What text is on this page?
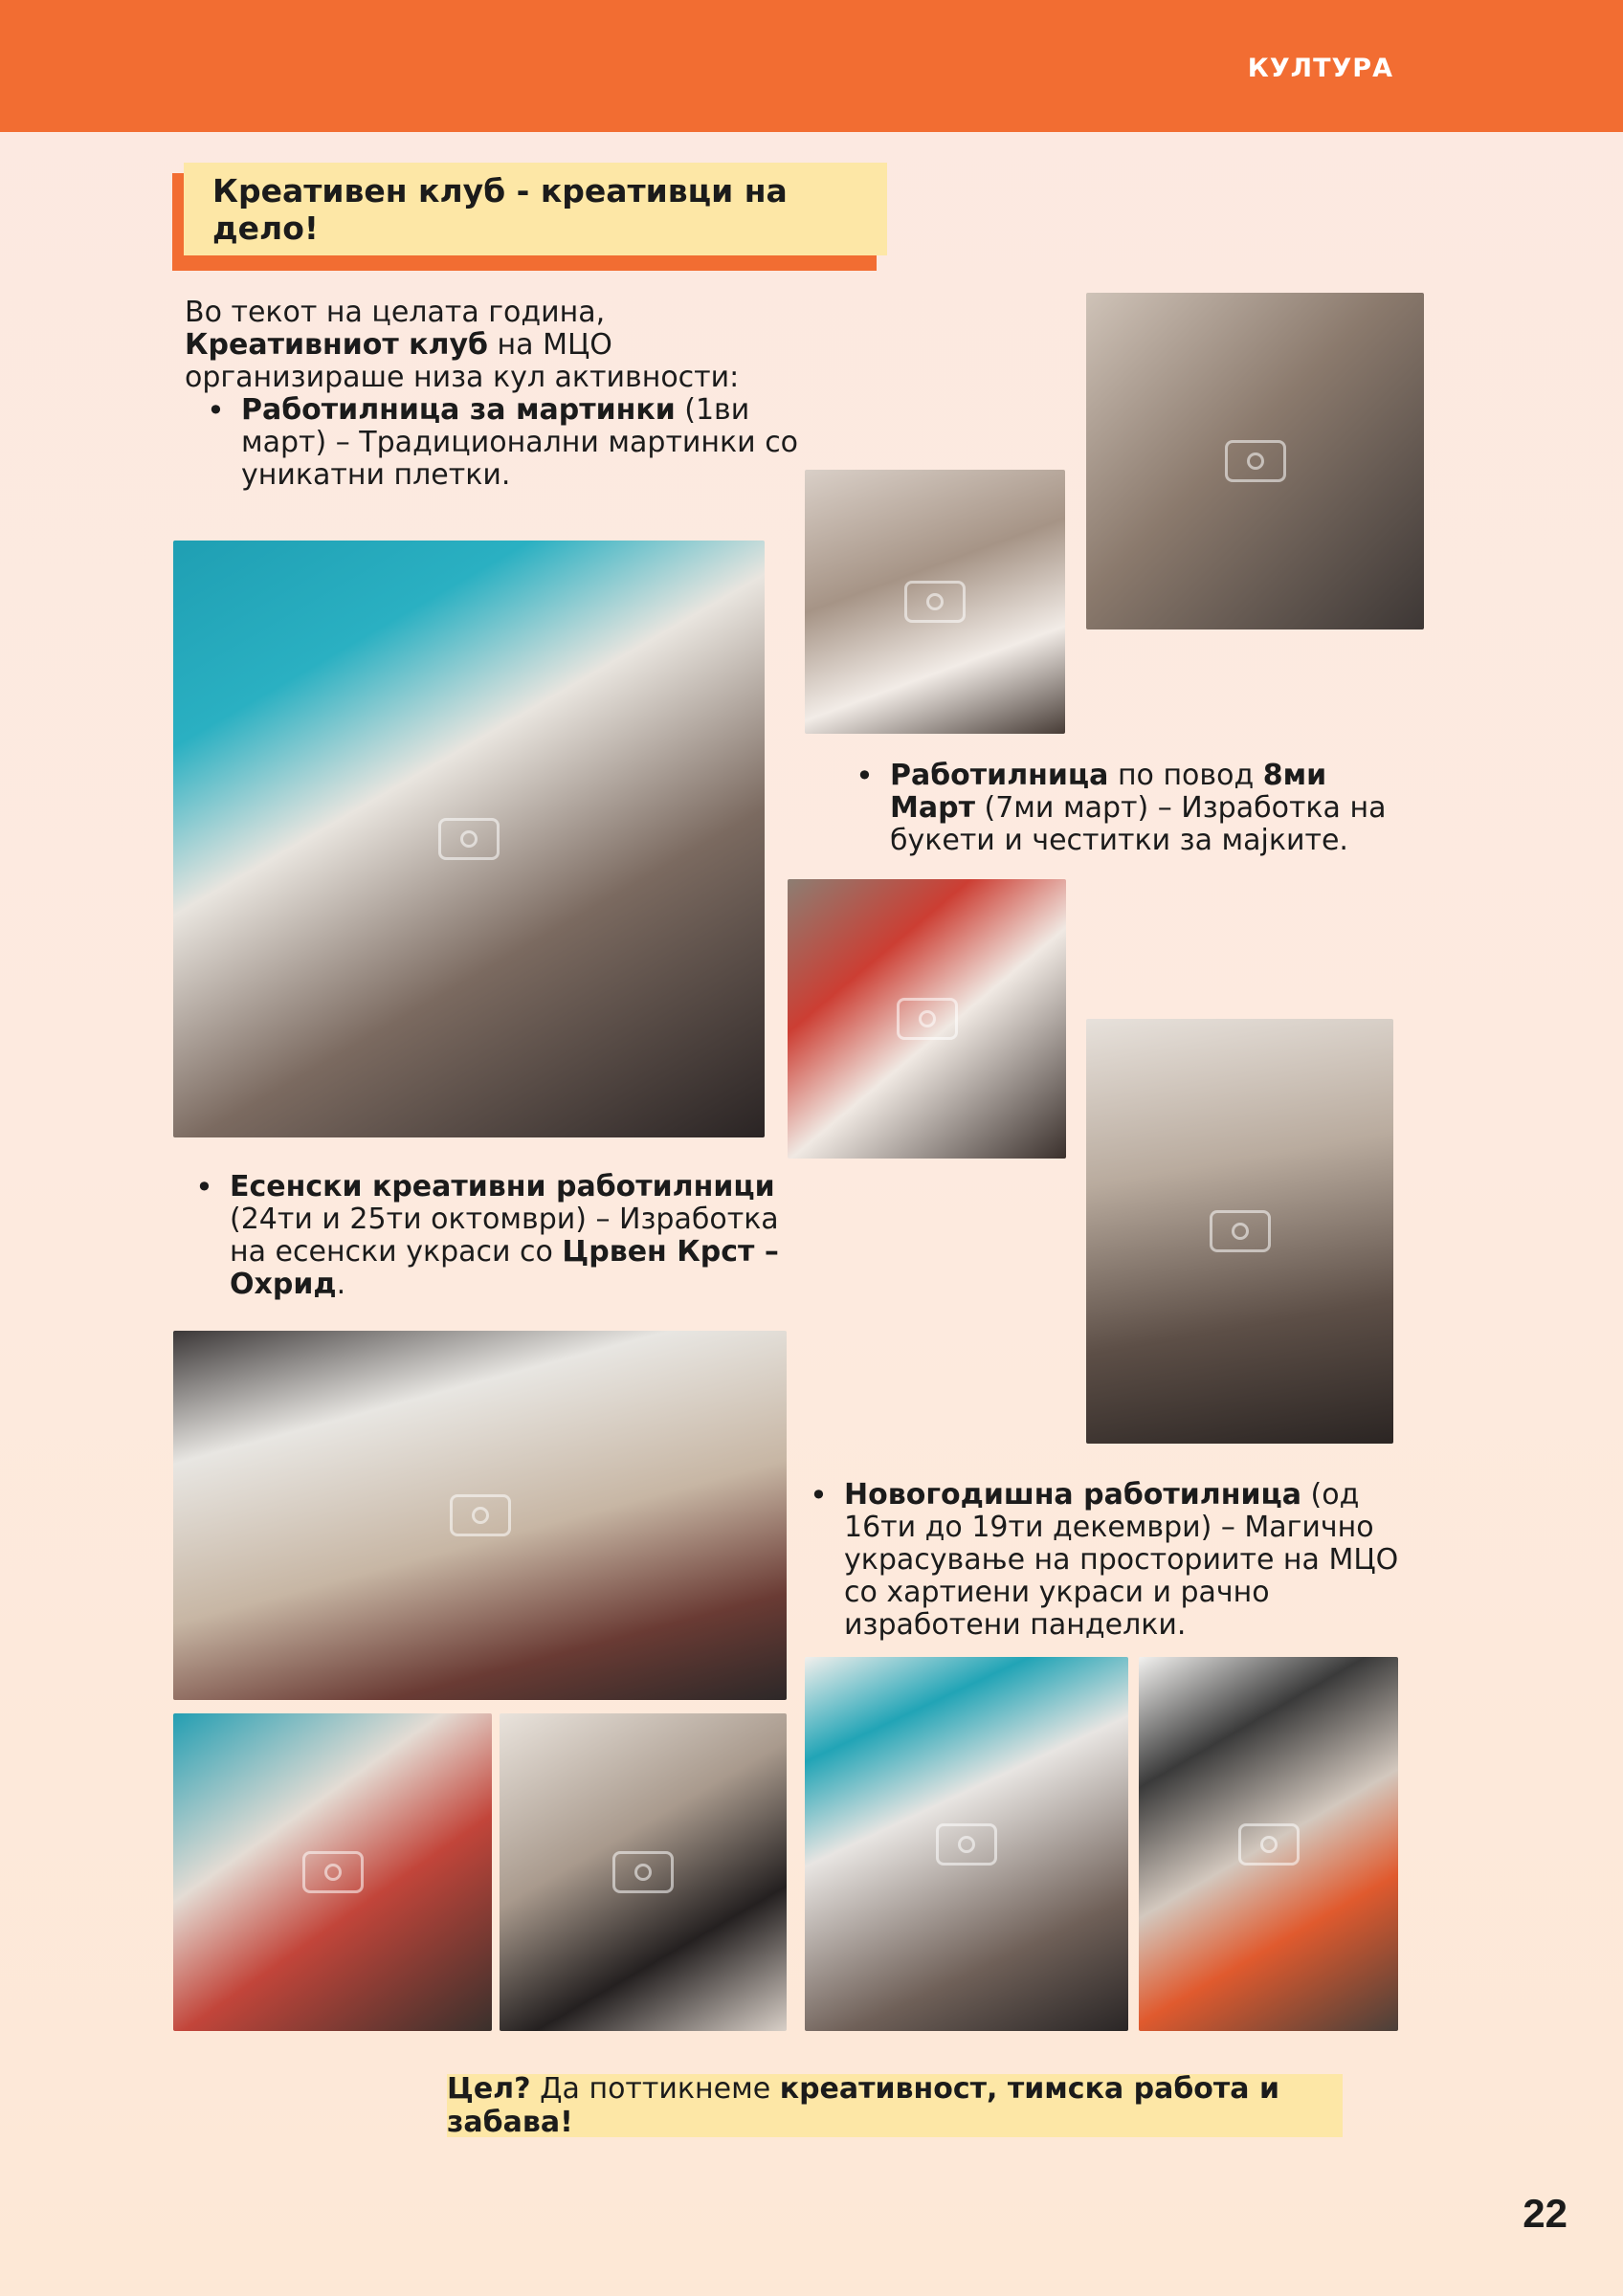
КУЛТУРА
Креативен клуб - креативци на дело!
Во текот на целата година, Креативниот клуб на МЦО организираше низа кул активности:
• Работилница за мартинки (1ви март) – Традиционални мартинки со уникатни плетки.
• Работилница по повод 8ми Март (7ми март) – Изработка на букети и честитки за мајките.
• Есенски креативни работилници (24ти и 25ти октомври) – Изработка на есенски украси со Црвен Крст – Охрид.
• Новогодишна работилница (од 16ти до 19ти декември) – Магично украсување на просториите на МЦО со хартиени украси и рачно изработени панделки.
Цел? Да поттикнеме креативност, тимска работа и забава!
22
